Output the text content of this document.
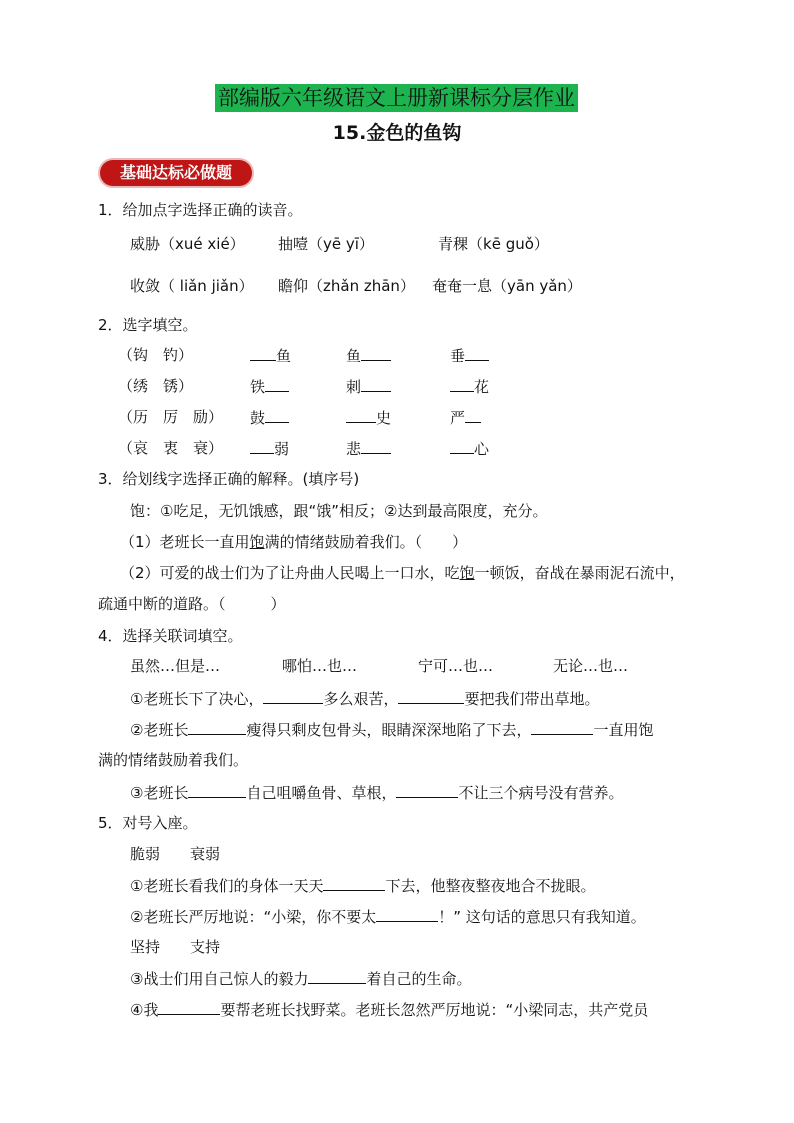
部编版六年级语文上册新课标分层作业
15.金色的鱼钩
基础达标必做题
1．给加点字选择正确的读音。
威胁（xué xié） 抽噎（yē yī）	青稞（kē guǒ）
收敛（ liǎn jiǎn） 瞻仰（zhǎn zhān） 奄奄一息（yān yǎn）
2．选字填空。
（钩　钓）	鱼	鱼	垂
（绣　锈）	铁	刺	花
（历　厉　励） 鼓	史	严
（哀　衷　衰）	弱	悲	心
3．给划线字选择正确的解释。(填序号)
饱：①吃足，无饥饿感，跟“饿”相反；②达到最高限度，充分。
（1）老班长一直用饱满的情绪鼓励着我们。（　　）
（2）可爱的战士们为了让舟曲人民喝上一口水，吃饱一顿饭，奋战在暴雨泥石流中，
疏通中断的道路。（　　　）
4．选择关联词填空。
虽然…但是…	哪怕…也…	宁可…也…	无论…也…
①老班长下了决心，	多么艰苦，	要把我们带出草地。
②老班长	瘦得只剩皮包骨头，眼睛深深地陷了下去，	一直用饱
满的情绪鼓励着我们。
③老班长	自己咀嚼鱼骨、草根，	不让三个病号没有营养。
5．对号入座。
脆弱　　 衰弱
①老班长看我们的身体一天天	下去，他整夜整夜地合不拢眼。
②老班长严厉地说：“小梁，你不要太	！” 这句话的意思只有我知道。
坚持　　 支持
③战士们用自己惊人的毅力	着自己的生命。
④我	要帮老班长找野菜。老班长忽然严厉地说：“小梁同志，共产党员
